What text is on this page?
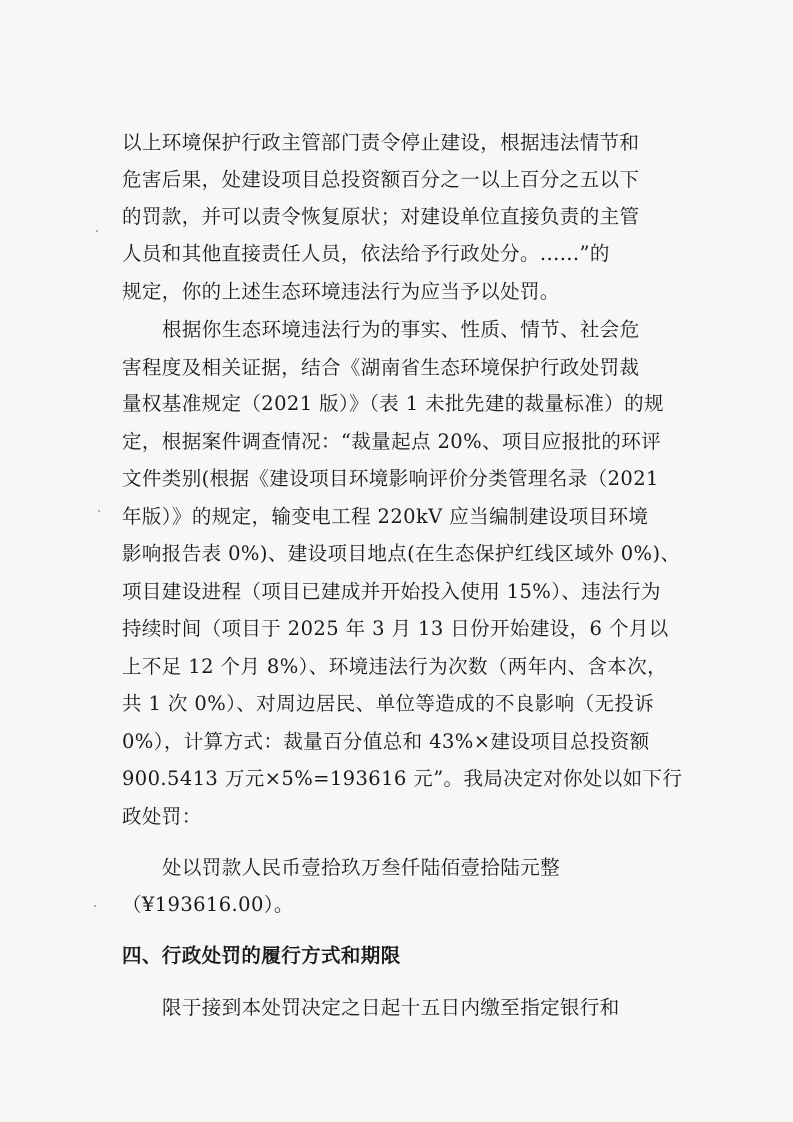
以上环境保护行政主管部门责令停止建设，根据违法情节和
危害后果，处建设项目总投资额百分之一以上百分之五以下
的罚款，并可以责令恢复原状；对建设单位直接负责的主管
人员和其他直接责任人员，依法给予行政处分。......”的
规定，你的上述生态环境违法行为应当予以处罚。
根据你生态环境违法行为的事实、性质、情节、社会危
害程度及相关证据，结合《湖南省生态环境保护行政处罚裁
量权基准规定（2021 版）》（表 1 未批先建的裁量标准）的规
定，根据案件调查情况：“裁量起点 20%、项目应报批的环评
文件类别(根据《建设项目环境影响评价分类管理名录（2021
年版）》的规定，输变电工程 220kV 应当编制建设项目环境
影响报告表 0%)、建设项目地点(在生态保护红线区域外 0%)、
项目建设进程（项目已建成并开始投入使用 15%）、违法行为
持续时间（项目于 2025 年 3 月 13 日份开始建设，6 个月以
上不足 12 个月 8%）、环境违法行为次数（两年内、含本次，
共 1 次 0%）、对周边居民、单位等造成的不良影响（无投诉
0%），计算方式：裁量百分值总和 43%×建设项目总投资额
900.5413 万元×5%=193616 元”。我局决定对你处以如下行
政处罚：
处以罚款人民币壹拾玖万叁仟陆佰壹拾陆元整
（¥193616.00）。
四、行政处罚的履行方式和期限
限于接到本处罚决定之日起十五日内缴至指定银行和
